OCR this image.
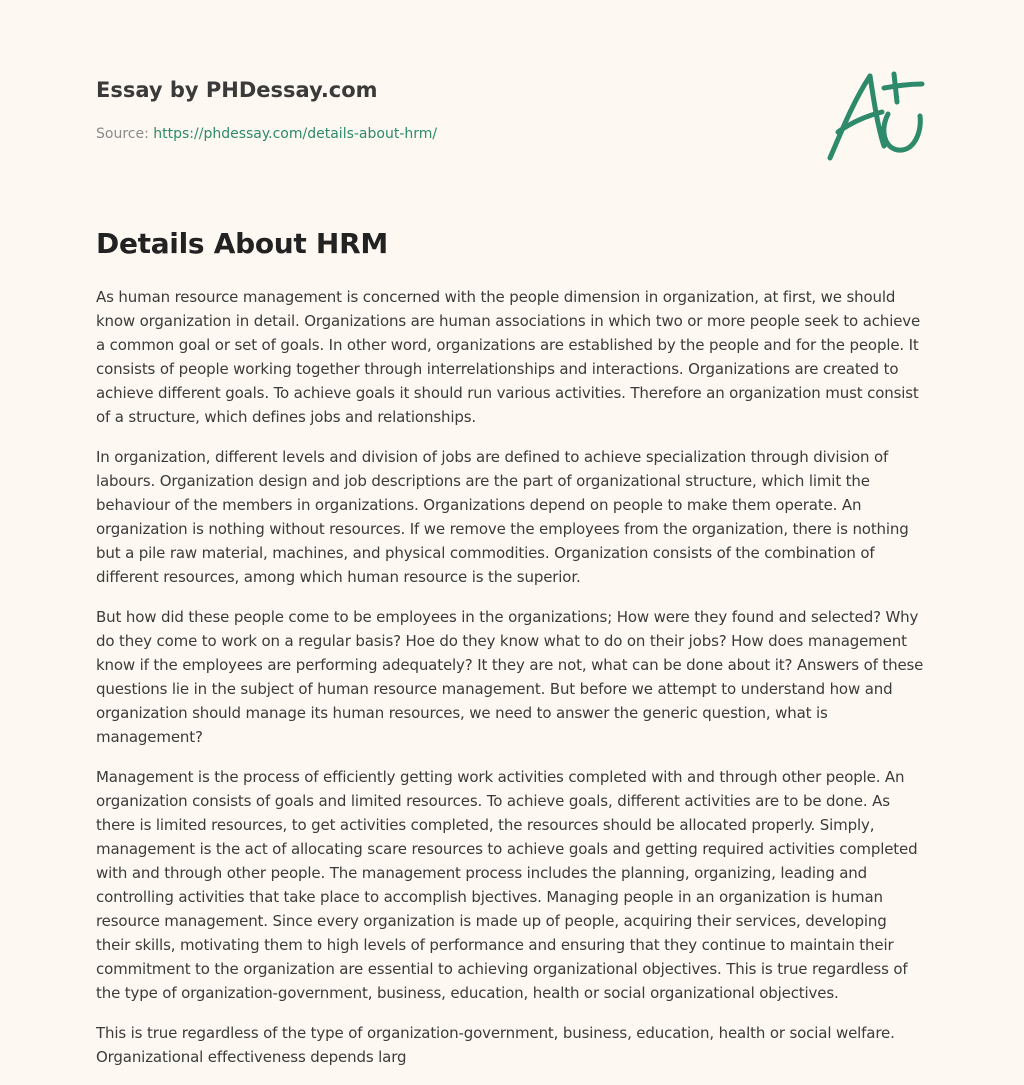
Essay by PHDessay.com
Source: https://phdessay.com/details-about-hrm/
Details About HRM

As human resource management is concerned with the people dimension in organization, at first, we should know organization in detail. Organizations are human associations in which two or more people seek to achieve a common goal or set of goals. In other word, organizations are established by the people and for the people. It consists of people working together through interrelationships and interactions. Organizations are created to achieve different goals. To achieve goals it should run various activities. Therefore an organization must consist of a structure, which defines jobs and relationships.

In organization, different levels and division of jobs are defined to achieve specialization through division of labours. Organization design and job descriptions are the part of organizational structure, which limit the behaviour of the members in organizations. Organizations depend on people to make them operate. An organization is nothing without resources. If we remove the employees from the organization, there is nothing but a pile raw material, machines, and physical commodities. Organization consists of the combination of different resources, among which human resource is the superior.

But how did these people come to be employees in the organizations; How were they found and selected? Why do they come to work on a regular basis? Hoe do they know what to do on their jobs? How does management know if the employees are performing adequately? It they are not, what can be done about it? Answers of these questions lie in the subject of human resource management. But before we attempt to understand how and organization should manage its human resources, we need to answer the generic question, what is management?

Management is the process of efficiently getting work activities completed with and through other people. An organization consists of goals and limited resources. To achieve goals, different activities are to be done. As there is limited resources, to get activities completed, the resources should be allocated properly. Simply, management is the act of allocating scare resources to achieve goals and getting required activities completed with and through other people. The management process includes the planning, organizing, leading and controlling activities that take place to accomplish bjectives. Managing people in an organization is human resource management. Since every organization is made up of people, acquiring their services, developing their skills, motivating them to high levels of performance and ensuring that they continue to maintain their commitment to the organization are essential to achieving organizational objectives. This is true regardless of the type of organization-government, business, education, health or social organizational objectives.

This is true regardless of the type of organization-government, business, education, health or social welfare. Organizational effectiveness depends larg
